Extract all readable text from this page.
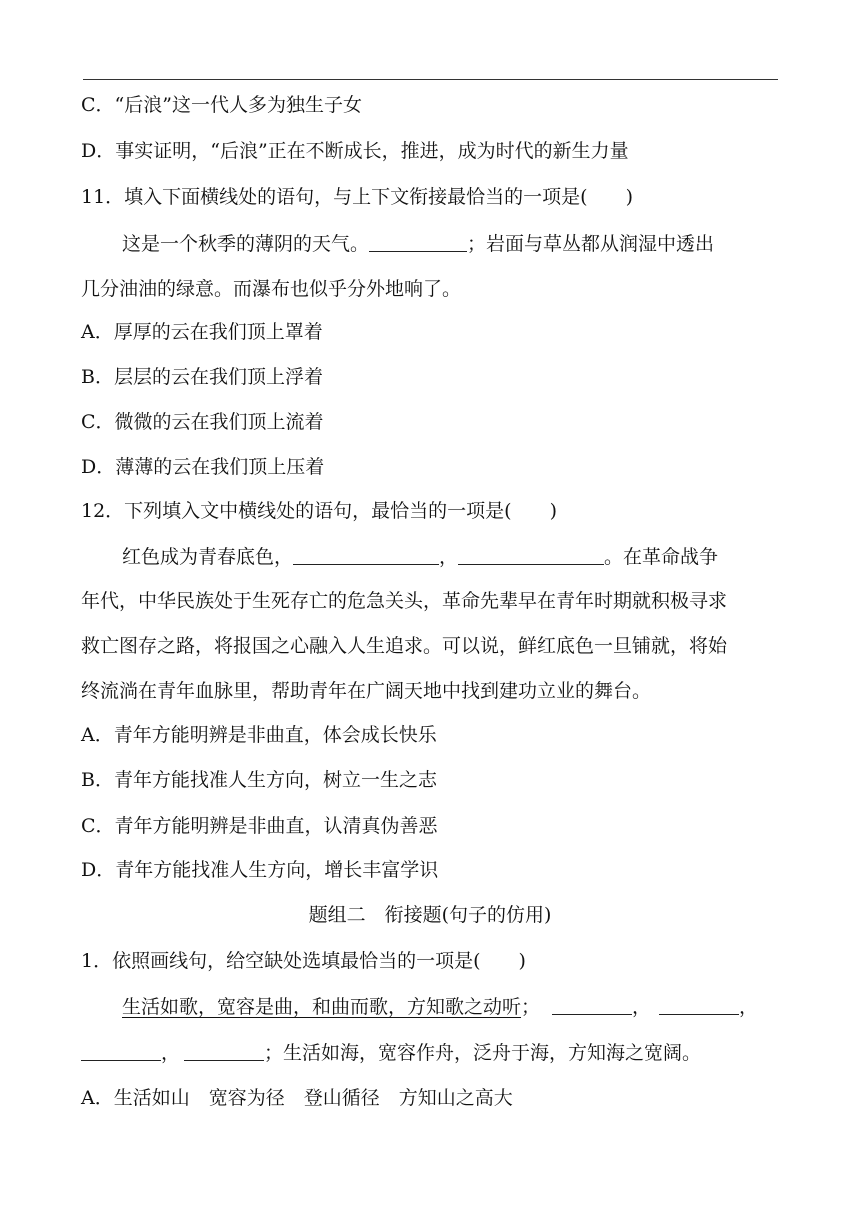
C．“后浪”这一代人多为独生子女
D．事实证明，“后浪”正在不断成长，推进，成为时代的新生力量
11．填入下面横线处的语句，与上下文衔接最恰当的一项是(　　)
这是一个秋季的薄阴的天气。	；岩面与草丛都从润湿中透出
几分油油的绿意。而瀑布也似乎分外地响了。
A．厚厚的云在我们顶上罩着
B．层层的云在我们顶上浮着
C．微微的云在我们顶上流着
D．薄薄的云在我们顶上压着
12．下列填入文中横线处的语句，最恰当的一项是(　　)
红色成为青春底色，	，	。在革命战争
年代，中华民族处于生死存亡的危急关头，革命先辈早在青年时期就积极寻求
救亡图存之路，将报国之心融入人生追求。可以说，鲜红底色一旦铺就，将始
终流淌在青年血脉里，帮助青年在广阔天地中找到建功立业的舞台。
A．青年方能明辨是非曲直，体会成长快乐
B．青年方能找准人生方向，树立一生之志
C．青年方能明辨是非曲直，认清真伪善恶
D．青年方能找准人生方向，增长丰富学识
题组二　衔接题(句子的仿用)
1．依照画线句，给空缺处选填最恰当的一项是(　　)
生活如歌，宽容是曲，和曲而歌，方知歌之动听；	，	，
，	；生活如海，宽容作舟，泛舟于海，方知海之宽阔。
A．生活如山　宽容为径　登山循径　方知山之高大
